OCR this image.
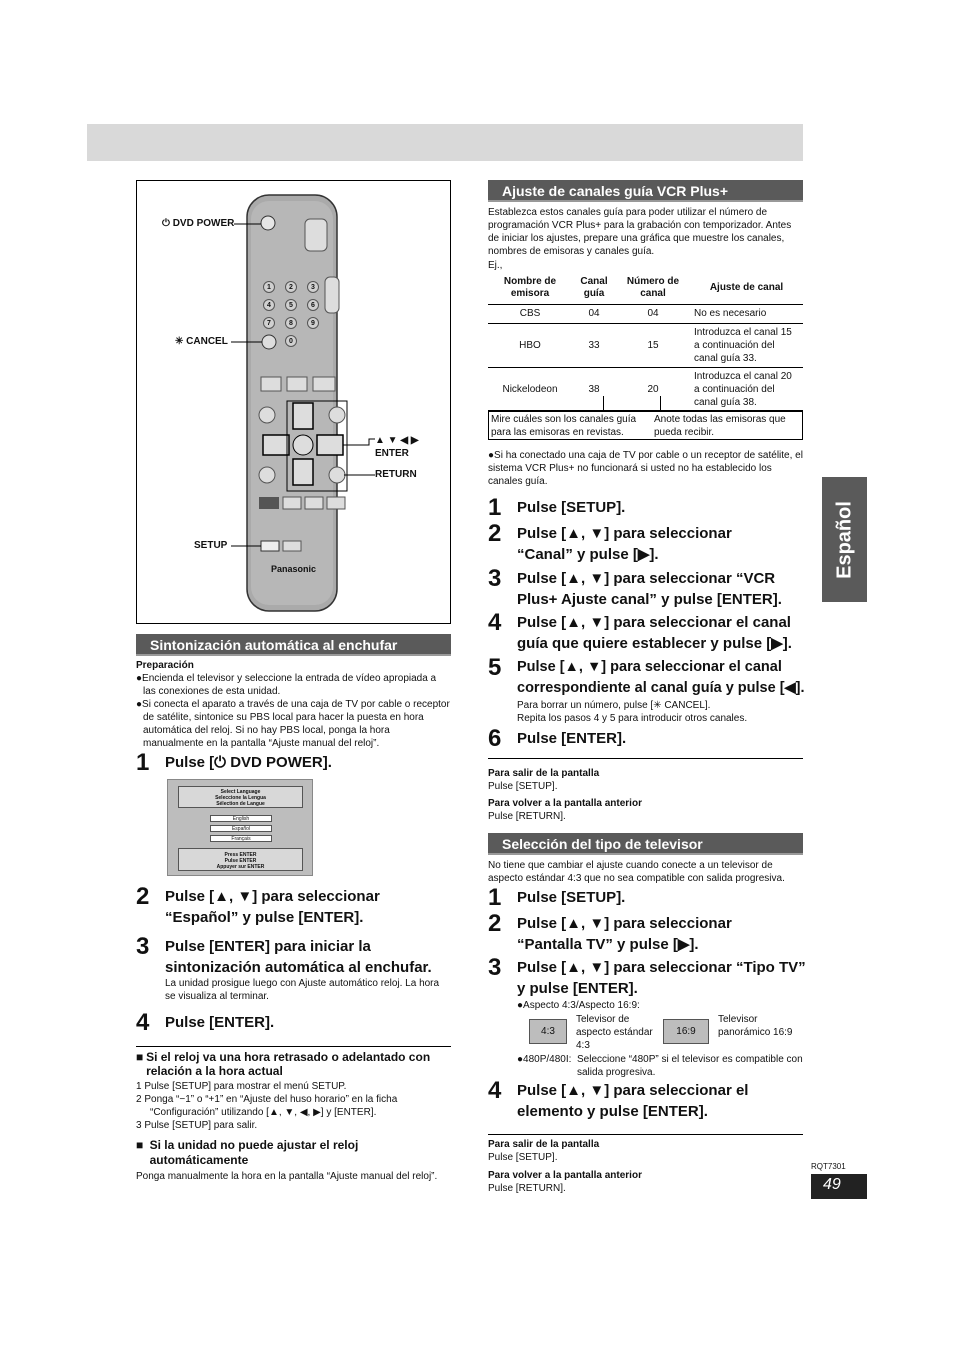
1	2	3
4	5	6
7	8	9
0
Panasonic
⏻ DVD POWER
✳ CANCEL
▲ ▼ ◀ ▶
ENTER
RETURN
SETUP
Sintonización automática al enchufar
Preparación
●Encienda el televisor y seleccione la entrada de vídeo apropiada a las conexiones de esta unidad.
●Si conecta el aparato a través de una caja de TV por cable o receptor de satélite, sintonice su PBS local para hacer la puesta en hora automática del reloj. Si no hay PBS local, ponga la hora manualmente en la pantalla “Ajuste manual del reloj”.
1 Pulse [⏻ DVD POWER].
Select Language
Seleccione la Lengua
Sélection de Langue
English
Español
Français
Press ENTER
Pulse ENTER
Appuyer sur ENTER
2 Pulse [▲, ▼] para seleccionar “Español” y pulse [ENTER].
3 Pulse [ENTER] para iniciar la sintonización automática al enchufar.
La unidad prosigue luego con Ajuste automático reloj. La hora se visualiza al terminar.
4 Pulse [ENTER].
■ Si el reloj va una hora retrasado o adelantado con relación a la hora actual
1 Pulse [SETUP] para mostrar el menú SETUP.
2 Ponga “−1” o “+1” en “Ajuste del huso horario” en la ficha “Configuración” utilizando [▲, ▼, ◀, ▶] y [ENTER].
3 Pulse [SETUP] para salir.
■ Si la unidad no puede ajustar el reloj automáticamente
Ponga manualmente la hora en la pantalla “Ajuste manual del reloj”.
Ajuste de canales guía VCR Plus+
Establezca estos canales guía para poder utilizar el número de programación VCR Plus+ para la grabación con temporizador. Antes de iniciar los ajustes, prepare una gráfica que muestre los canales, nombres de emisoras y canales guía.
Ej.,
Nombre de emisora	Canal guía	Número de canal	Ajuste de canal
CBS	04	04	No es necesario
HBO	33	15	Introduzca el canal 15 a continuación del canal guía 33.
Nickelodeon	38	20	Introduzca el canal 20 a continuación del canal guía 38.
Mire cuáles son los canales guía para las emisoras en revistas.
Anote todas las emisoras que pueda recibir.
●Si ha conectado una caja de TV por cable o un receptor de satélite, el sistema VCR Plus+ no funcionará si usted no ha establecido los canales guía.
1 Pulse [SETUP].
2 Pulse [▲, ▼] para seleccionar “Canal” y pulse [▶].
3 Pulse [▲, ▼] para seleccionar “VCR Plus+ Ajuste canal” y pulse [ENTER].
4 Pulse [▲, ▼] para seleccionar el canal guía que quiere establecer y pulse [▶].
5 Pulse [▲, ▼] para seleccionar el canal correspondiente al canal guía y pulse [◀].
Para borrar un número, pulse [✳ CANCEL].
Repita los pasos 4 y 5 para introducir otros canales.
6 Pulse [ENTER].
Para salir de la pantalla
Pulse [SETUP].
Para volver a la pantalla anterior
Pulse [RETURN].
Selección del tipo de televisor
No tiene que cambiar el ajuste cuando conecte a un televisor de aspecto estándar 4:3 que no sea compatible con salida progresiva.
1 Pulse [SETUP].
2 Pulse [▲, ▼] para seleccionar “Pantalla TV” y pulse [▶].
3 Pulse [▲, ▼] para seleccionar “Tipo TV” y pulse [ENTER].
●Aspecto 4:3/Aspecto 16:9:
4:3
Televisor de aspecto estándar 4:3
16:9
Televisor panorámico 16:9
●480P/480I: Seleccione “480P” si el televisor es compatible con salida progresiva.
4 Pulse [▲, ▼] para seleccionar el elemento y pulse [ENTER].
Para salir de la pantalla
Pulse [SETUP].
Para volver a la pantalla anterior
Pulse [RETURN].
Español
RQT7301
49
